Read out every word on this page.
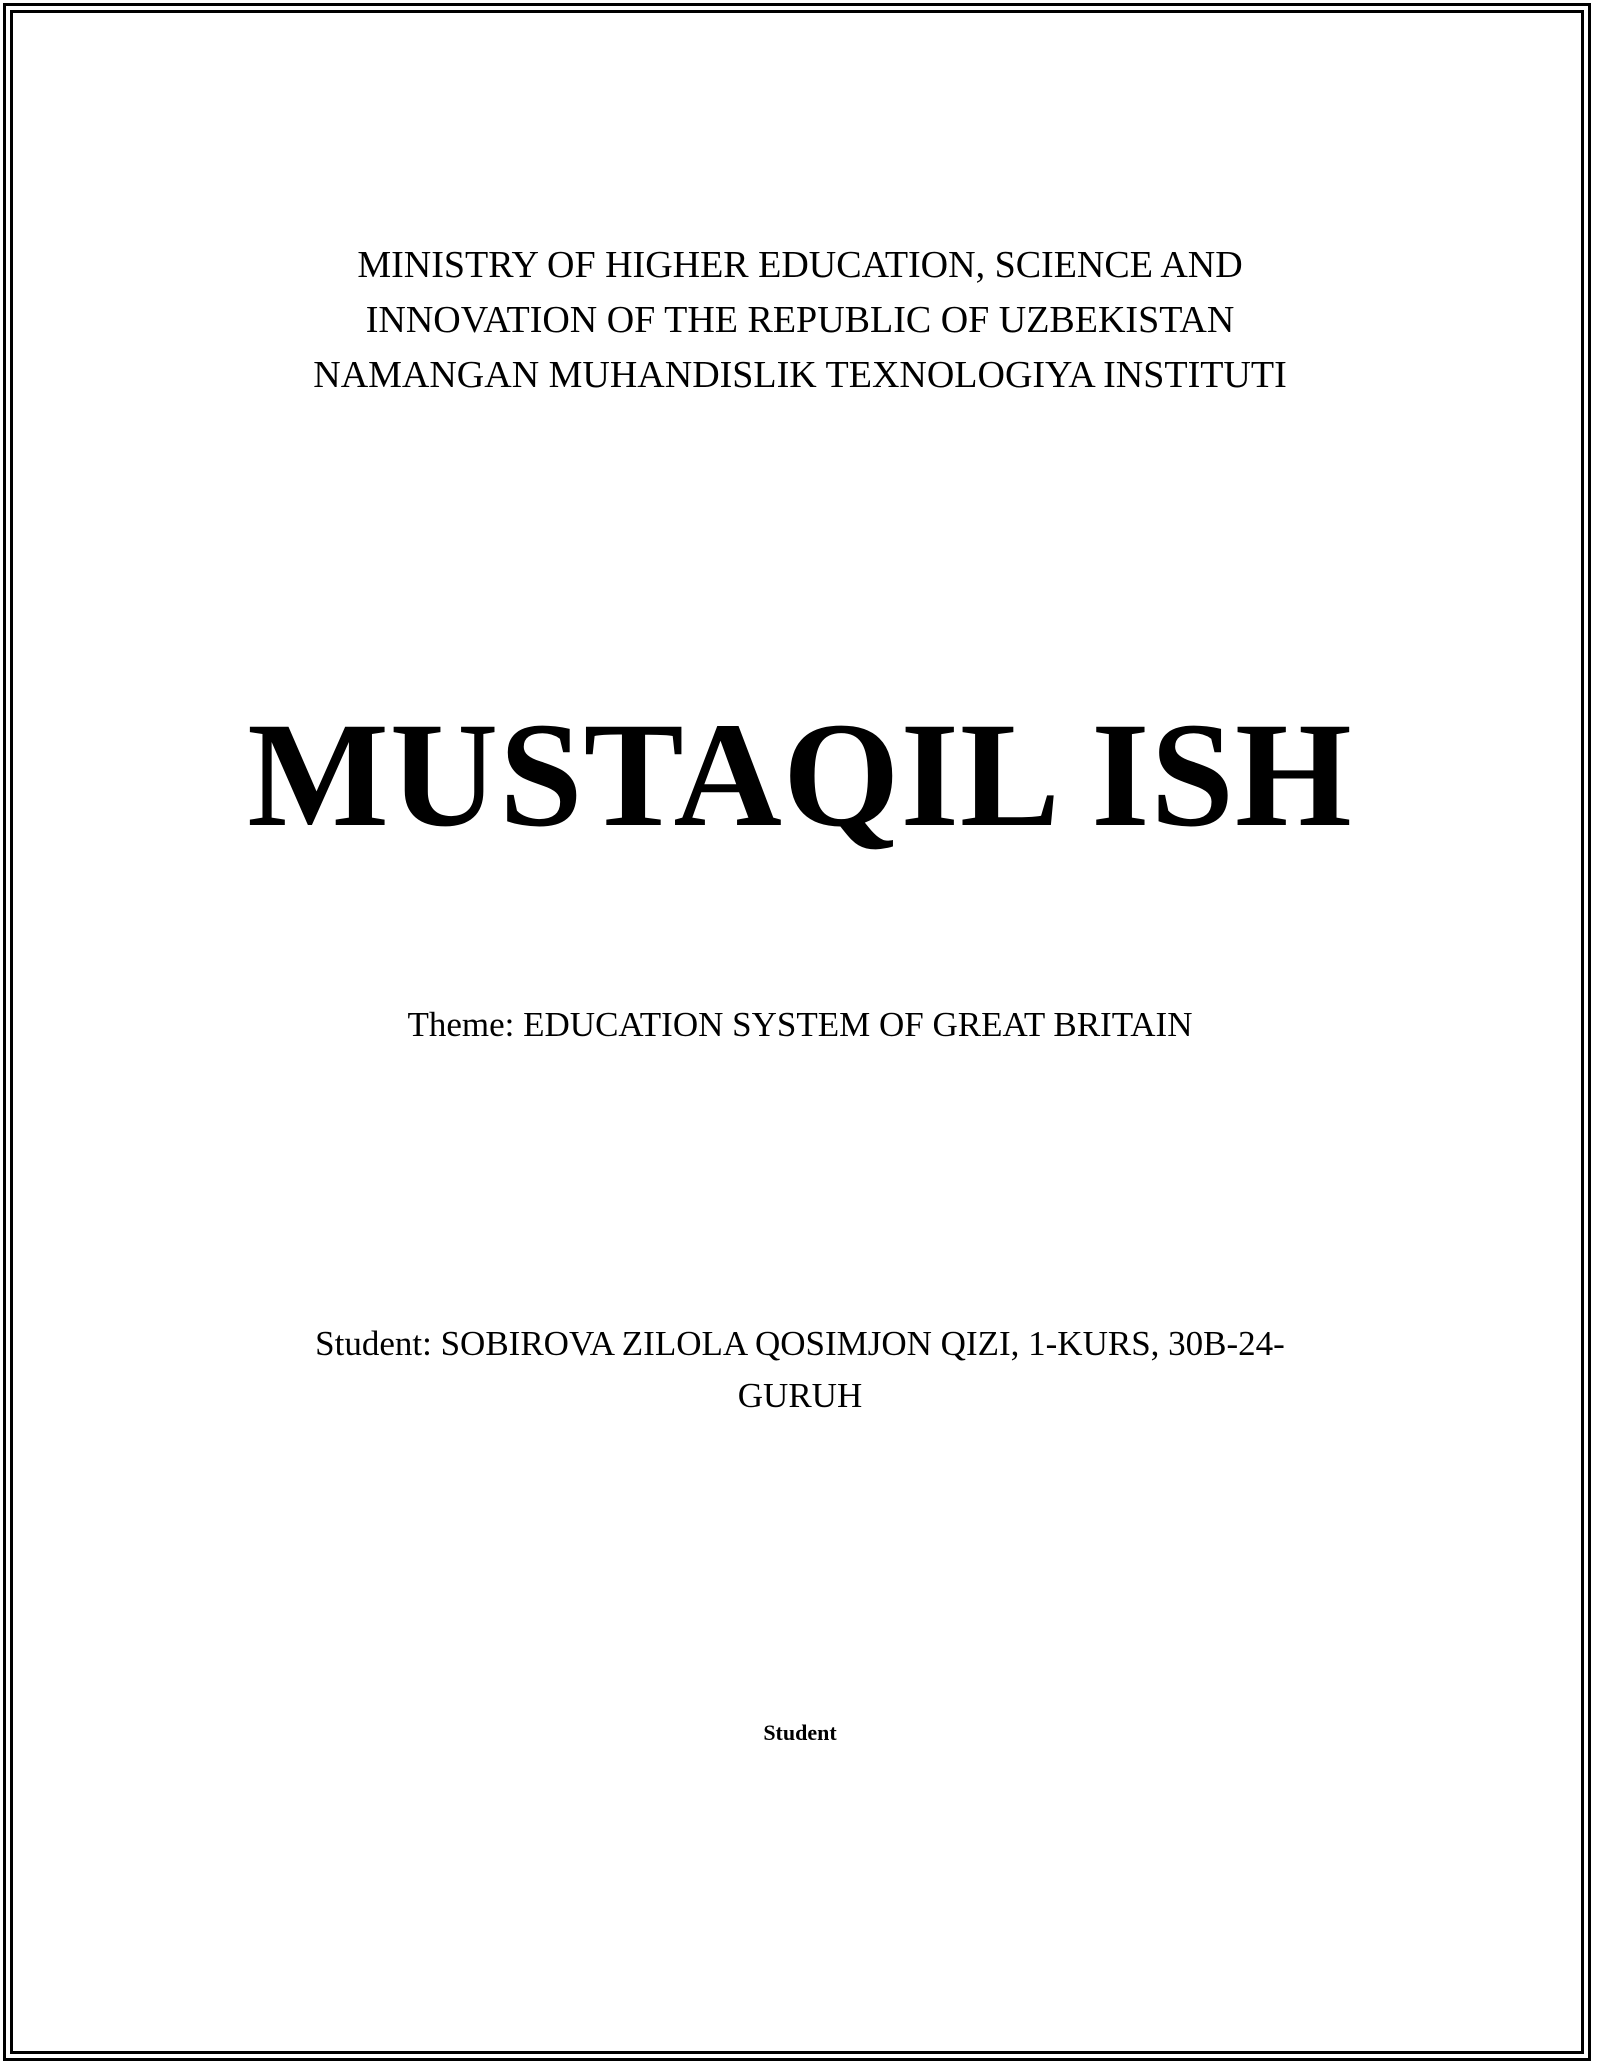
MINISTRY OF HIGHER EDUCATION, SCIENCE AND
INNOVATION OF THE REPUBLIC OF UZBEKISTAN
NAMANGAN MUHANDISLIK TEXNOLOGIYA INSTITUTI
MUSTAQIL ISH
Theme: EDUCATION SYSTEM OF GREAT BRITAIN
Student: SOBIROVA ZILOLA QOSIMJON QIZI, 1-KURS, 30B-24-
GURUH
Student
